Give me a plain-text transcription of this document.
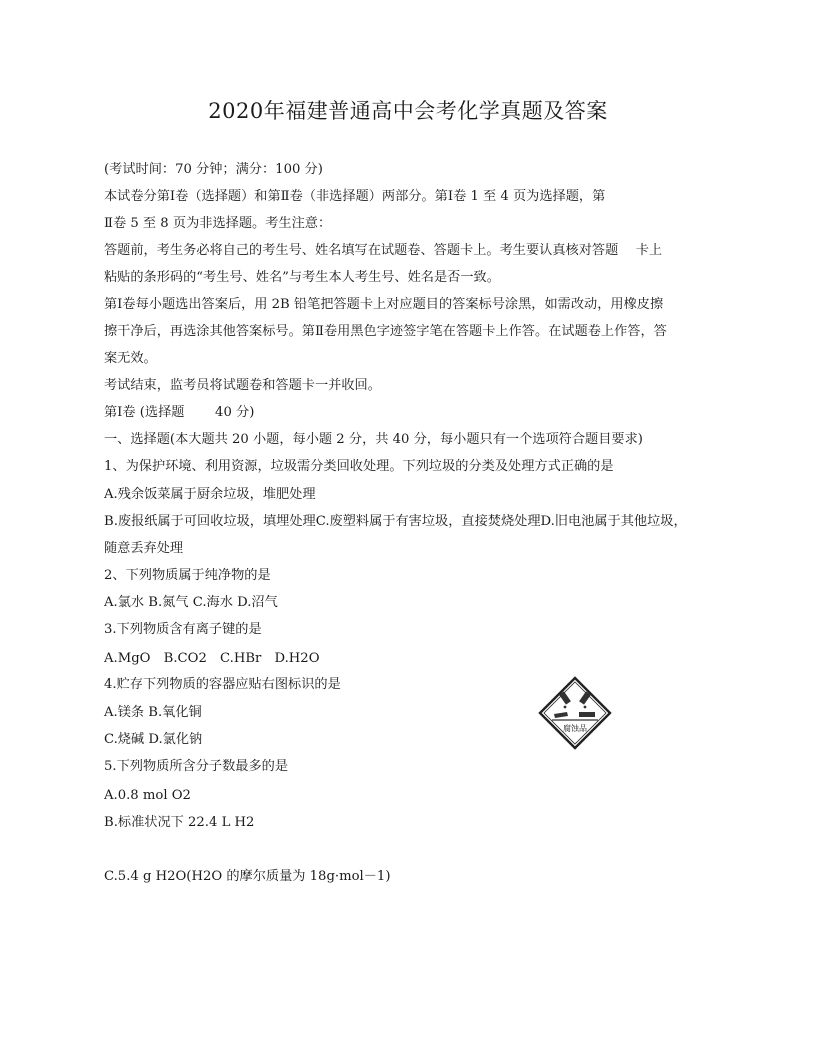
2020年福建普通高中会考化学真题及答案
(考试时间：70 分钟；满分：100 分)
本试卷分第Ⅰ卷（选择题）和第Ⅱ卷（非选择题）两部分。第Ⅰ卷 1 至 4 页为选择题，第
Ⅱ卷 5 至 8 页为非选择题。考生注意：
答题前，考生务必将自己的考生号、姓名填写在试题卷、答题卡上。考生要认真核对答题　 卡上
粘贴的条形码的“考生号、姓名”与考生本人考生号、姓名是否一致。
第Ⅰ卷每小题选出答案后，用 2B 铅笔把答题卡上对应题目的答案标号涂黑，如需改动，用橡皮擦
擦干净后，再选涂其他答案标号。第Ⅱ卷用黑色字迹签字笔在答题卡上作答。在试题卷上作答，答
案无效。
考试结束，监考员将试题卷和答题卡一并收回。
第Ⅰ卷 (选择题　　 40 分)
一、选择题(本大题共 20 小题，每小题 2 分，共 40 分，每小题只有一个选项符合题目要求)
1、为保护环境、利用资源，垃圾需分类回收处理。下列垃圾的分类及处理方式正确的是
A.残余饭菜属于厨余垃圾，堆肥处理
B.废报纸属于可回收垃圾，填埋处理C.废塑料属于有害垃圾，直接焚烧处理D.旧电池属于其他垃圾，
随意丢弃处理
2、下列物质属于纯净物的是
A.氯水 B.氮气 C.海水 D.沼气
3.下列物质含有离子键的是
A.MgO　B.CO2　C.HBr　D.H2O
4.贮存下列物质的容器应贴右图标识的是
A.镁条 B.氧化铜
C.烧碱 D.氯化钠
5.下列物质所含分子数最多的是
A.0.8 mol O2
B.标准状况下 22.4 L H2
C.5.4 g H2O(H2O 的摩尔质量为 18g·mol－1)
腐蚀品
